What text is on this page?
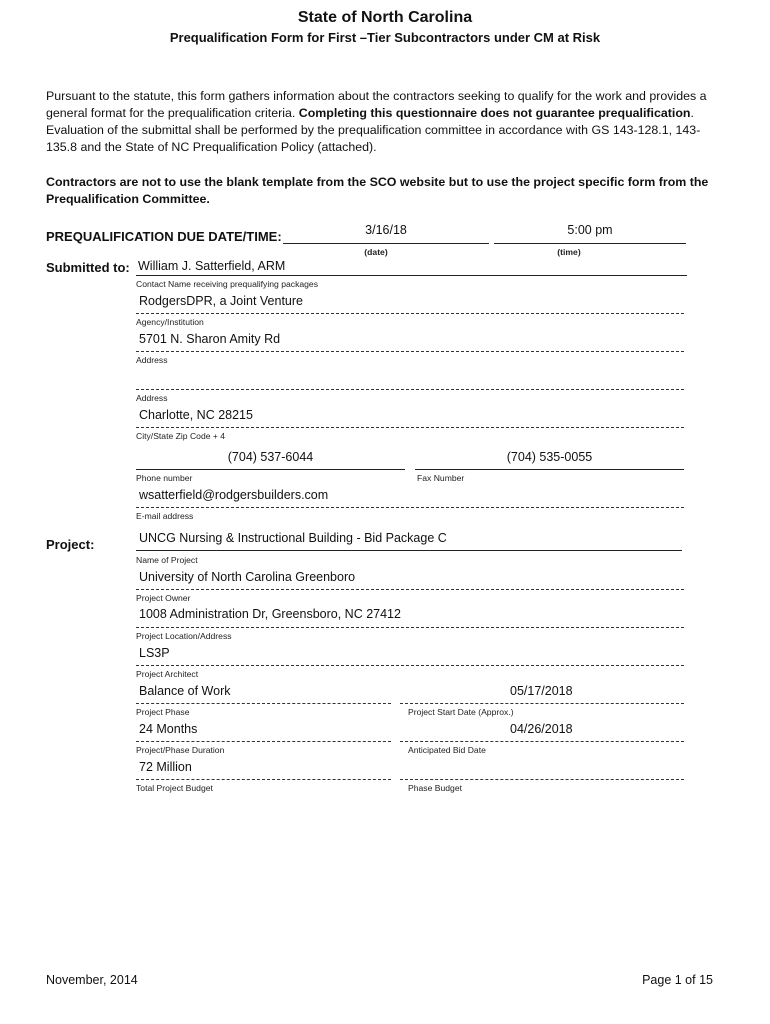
State of North Carolina
Prequalification Form for First –Tier Subcontractors under CM at Risk
Pursuant to the statute, this form gathers information about the contractors seeking to qualify for the work and provides a general format for the prequalification criteria. Completing this questionnaire does not guarantee prequalification. Evaluation of the submittal shall be performed by the prequalification committee in accordance with GS 143-128.1, 143-135.8 and the State of NC Prequalification Policy (attached).
Contractors are not to use the blank template from the SCO website but to use the project specific form from the Prequalification Committee.
PREQUALIFICATION DUE DATE/TIME:	3/16/18
(date)
5:00 pm
(time)
Submitted to: William J. Satterfield, ARM
Contact Name receiving prequalifying packages
RodgersDPR, a Joint Venture
Agency/Institution
5701 N. Sharon Amity Rd
Address
Address
Charlotte, NC 28215
City/State Zip Code + 4
(704) 537-6044
Phone number
(704) 535-0055
Fax Number
wsatterfield@rodgersbuilders.com
E-mail address
Project:	UNCG Nursing & Instructional Building - Bid Package C
Name of Project
University of North Carolina Greenboro
Project Owner
1008 Administration Dr, Greensboro, NC 27412
Project Location/Address
LS3P
Project Architect
Balance of Work
Project Phase
05/17/2018
Project Start Date (Approx.)
24 Months
Project/Phase Duration
04/26/2018
Anticipated Bid Date
72 Million
Total Project Budget	Phase Budget
November, 2014	Page 1 of 15
